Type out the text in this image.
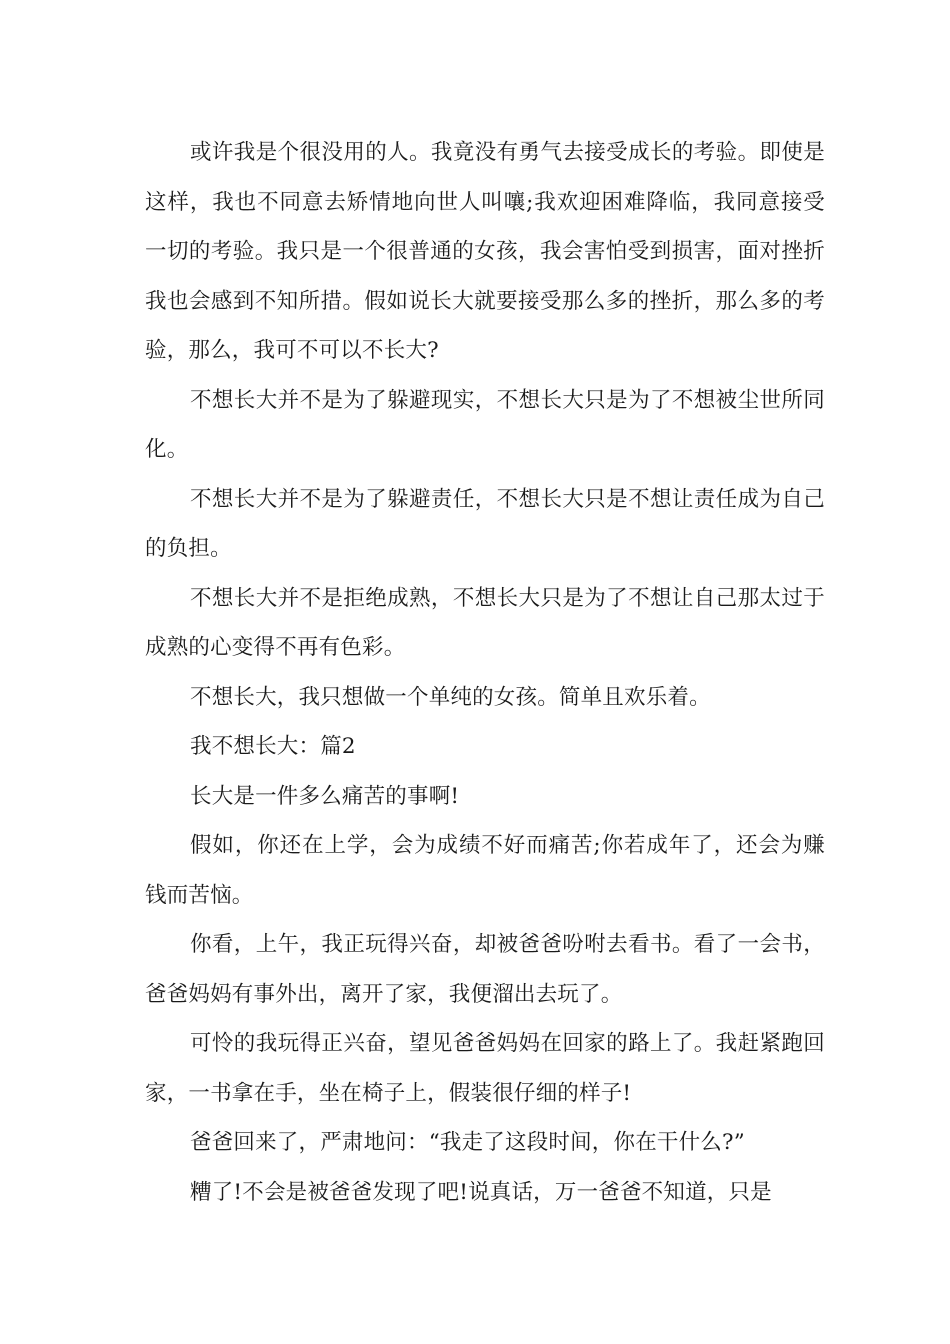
或许我是个很没用的人。我竟没有勇气去接受成长的考验。即使是这样，我也不同意去矫情地向世人叫嚷;我欢迎困难降临，我同意接受一切的考验。我只是一个很普通的女孩，我会害怕受到损害，面对挫折我也会感到不知所措。假如说长大就要接受那么多的挫折，那么多的考验，那么，我可不可以不长大?

不想长大并不是为了躲避现实，不想长大只是为了不想被尘世所同化。

不想长大并不是为了躲避责任，不想长大只是不想让责任成为自己的负担。

不想长大并不是拒绝成熟，不想长大只是为了不想让自己那太过于成熟的心变得不再有色彩。

不想长大，我只想做一个单纯的女孩。简单且欢乐着。

我不想长大：篇2

长大是一件多么痛苦的事啊!

假如，你还在上学，会为成绩不好而痛苦;你若成年了，还会为赚钱而苦恼。

你看，上午，我正玩得兴奋，却被爸爸吩咐去看书。看了一会书，爸爸妈妈有事外出，离开了家，我便溜出去玩了。

可怜的我玩得正兴奋，望见爸爸妈妈在回家的路上了。我赶紧跑回家，一书拿在手，坐在椅子上，假装很仔细的样子!

爸爸回来了，严肃地问：“我走了这段时间，你在干什么?”

糟了!不会是被爸爸发现了吧!说真话，万一爸爸不知道，只是
